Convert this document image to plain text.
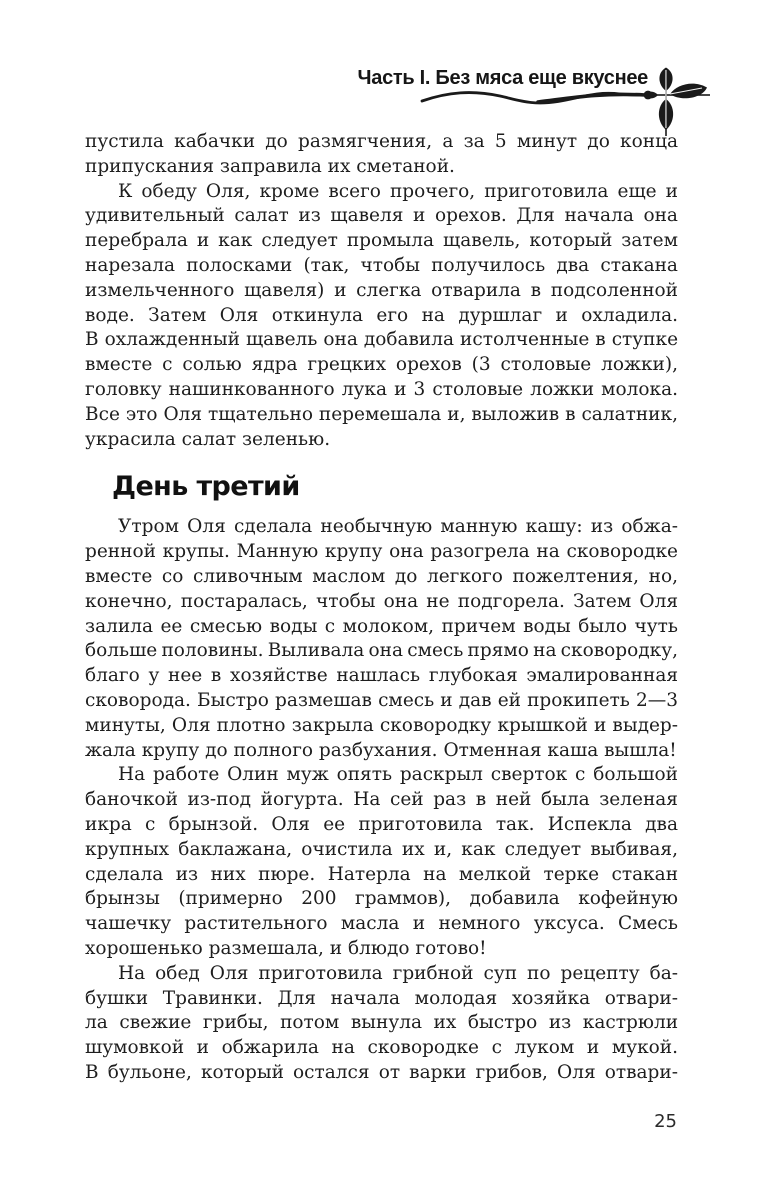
Часть I. Без мяса еще вкуснее
пустила кабачки до размягчения, а за 5 минут до конца
припускания заправила их сметаной.
К обеду Оля, кроме всего прочего, приготовила еще и
удивительный салат из щавеля и орехов. Для начала она
перебрала и как следует промыла щавель, который затем
нарезала полосками (так, чтобы получилось два стакана
измельченного щавеля) и слегка отварила в подсоленной
воде. Затем Оля откинула его на дуршлаг и охладила.
В охлажденный щавель она добавила истолченные в ступке
вместе с солью ядра грецких орехов (3 столовые ложки),
головку нашинкованного лука и 3 столовые ложки молока.
Все это Оля тщательно перемешала и, выложив в салатник,
украсила салат зеленью.
День третий
Утром Оля сделала необычную манную кашу: из обжа-
ренной крупы. Манную крупу она разогрела на сковородке
вместе со сливочным маслом до легкого пожелтения, но,
конечно, постаралась, чтобы она не подгорела. Затем Оля
залила ее смесью воды с молоком, причем воды было чуть
больше половины. Выливала она смесь прямо на сковородку,
благо у нее в хозяйстве нашлась глубокая эмалированная
сковорода. Быстро размешав смесь и дав ей прокипеть 2—3
минуты, Оля плотно закрыла сковородку крышкой и выдер-
жала крупу до полного разбухания. Отменная каша вышла!
На работе Олин муж опять раскрыл сверток с большой
баночкой из-под йогурта. На сей раз в ней была зеленая
икра с брынзой. Оля ее приготовила так. Испекла два
крупных баклажана, очистила их и, как следует выбивая,
сделала из них пюре. Натерла на мелкой терке стакан
брынзы (примерно 200 граммов), добавила кофейную
чашечку растительного масла и немного уксуса. Смесь
хорошенько размешала, и блюдо готово!
На обед Оля приготовила грибной суп по рецепту ба-
бушки Травинки. Для начала молодая хозяйка отвари-
ла свежие грибы, потом вынула их быстро из кастрюли
шумовкой и обжарила на сковородке с луком и мукой.
В бульоне, который остался от варки грибов, Оля отвари-
25
